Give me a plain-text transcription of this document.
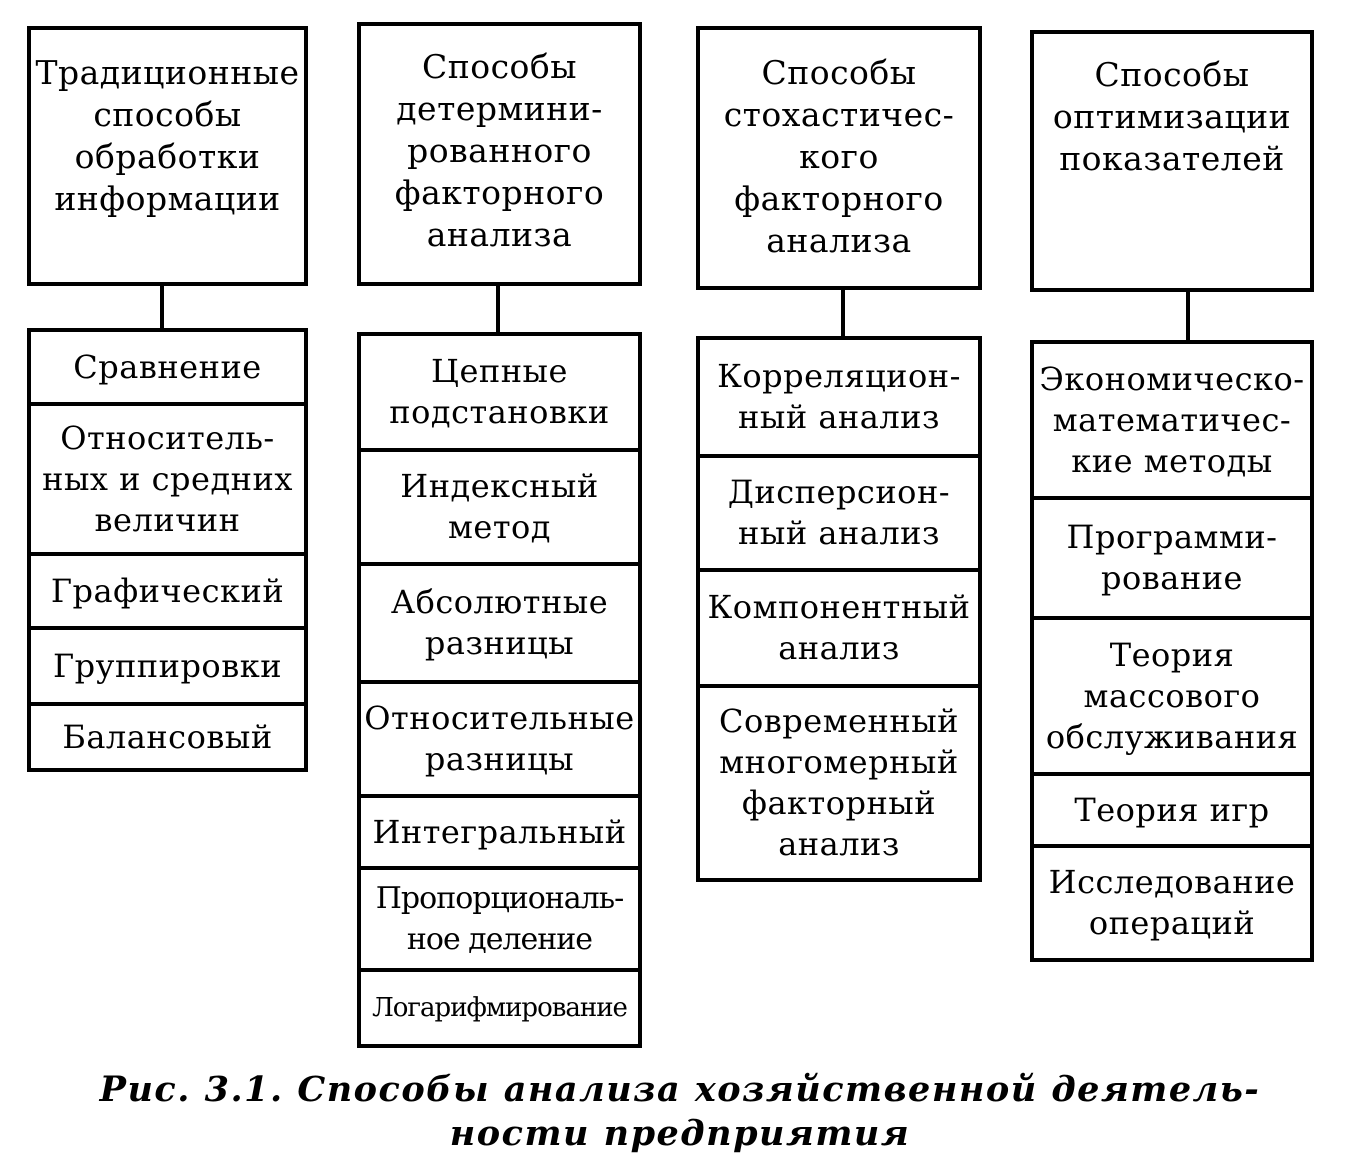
Традиционные
способы
обработки
информации
Сравнение
Относитель-
ных и средних
величин
Графический
Группировки
Балансовый
Способы
детермини-
рованного
факторного
анализа
Цепные
подстановки
Индексный
метод
Абсолютные
разницы
Относительные
разницы
Интегральный
Пропорциональ-
ное деление
Логарифмирование
Способы
стохастичес-
кого
факторного
анализа
Корреляцион-
ный анализ
Дисперсион-
ный анализ
Компонентный
анализ
Современный
многомерный
факторный
анализ
Способы
оптимизации
показателей
Экономическо-
математичес-
кие методы
Программи-
рование
Теория
массового
обслуживания
Теория игр
Исследование
операций
Рис. 3.1. Способы анализа хозяйственной деятель-
ности предприятия
